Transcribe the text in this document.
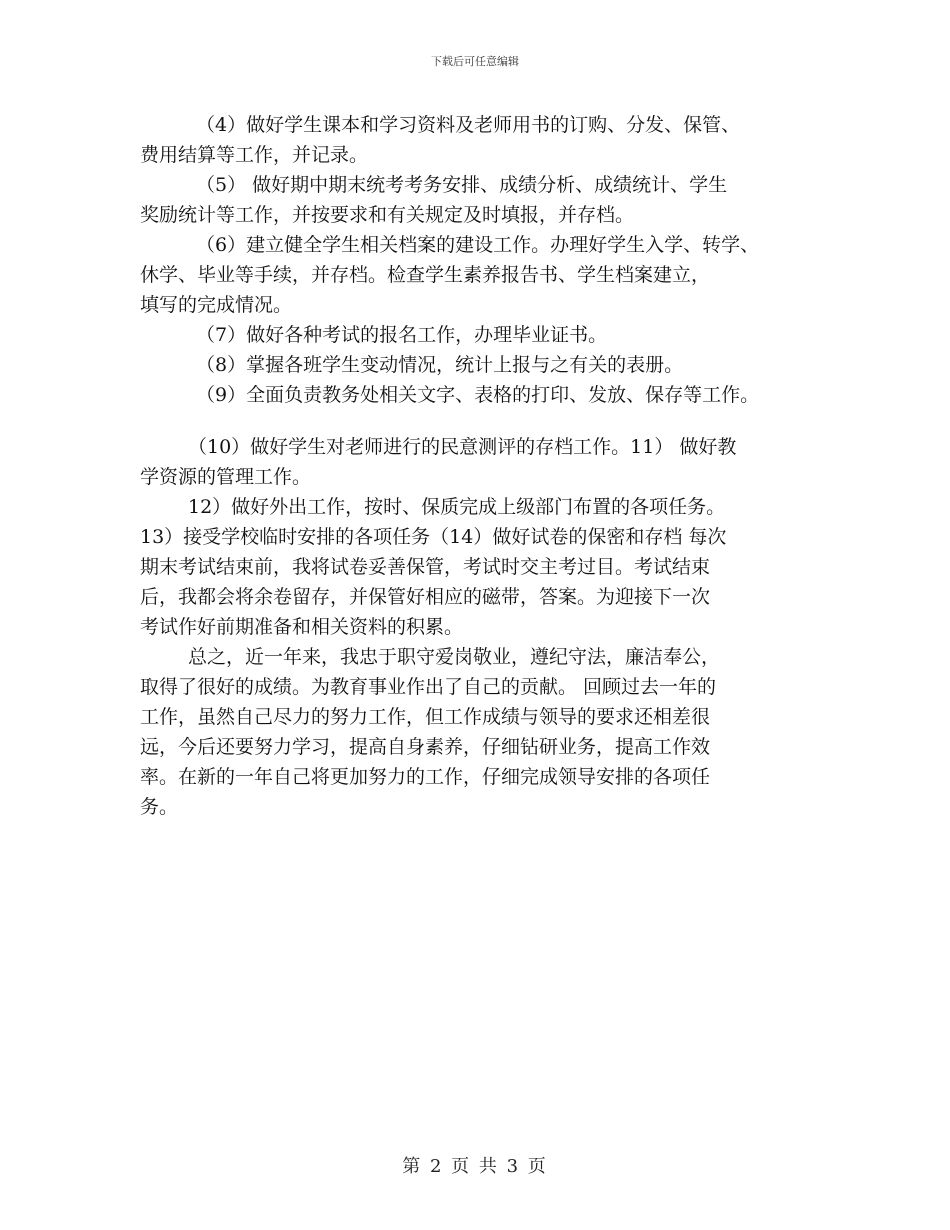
下载后可任意编辑
（4）做好学生课本和学习资料及老师用书的订购、分发、保管、
费用结算等工作，并记录。
（5） 做好期中期末统考考务安排、成绩分析、成绩统计、学生
奖励统计等工作，并按要求和有关规定及时填报，并存档。
（6）建立健全学生相关档案的建设工作。办理好学生入学、转学、
休学、毕业等手续，并存档。检查学生素养报告书、学生档案建立，
填写的完成情况。
（7）做好各种考试的报名工作，办理毕业证书。
（8）掌握各班学生变动情况，统计上报与之有关的表册。
（9）全面负责教务处相关文字、表格的打印、发放、保存等工作。
（10）做好学生对老师进行的民意测评的存档工作。11） 做好教
学资源的管理工作。
12）做好外出工作，按时、保质完成上级部门布置的各项任务。
13）接受学校临时安排的各项任务（14）做好试卷的保密和存档 每次
期末考试结束前，我将试卷妥善保管，考试时交主考过目。考试结束
后，我都会将余卷留存，并保管好相应的磁带，答案。为迎接下一次
考试作好前期准备和相关资料的积累。
总之，近一年来，我忠于职守爱岗敬业，遵纪守法，廉洁奉公，
取得了很好的成绩。为教育事业作出了自己的贡献。 回顾过去一年的
工作，虽然自己尽力的努力工作，但工作成绩与领导的要求还相差很
远，今后还要努力学习，提高自身素养，仔细钻研业务，提高工作效
率。在新的一年自己将更加努力的工作，仔细完成领导安排的各项任
务。
第 2 页 共 3 页
